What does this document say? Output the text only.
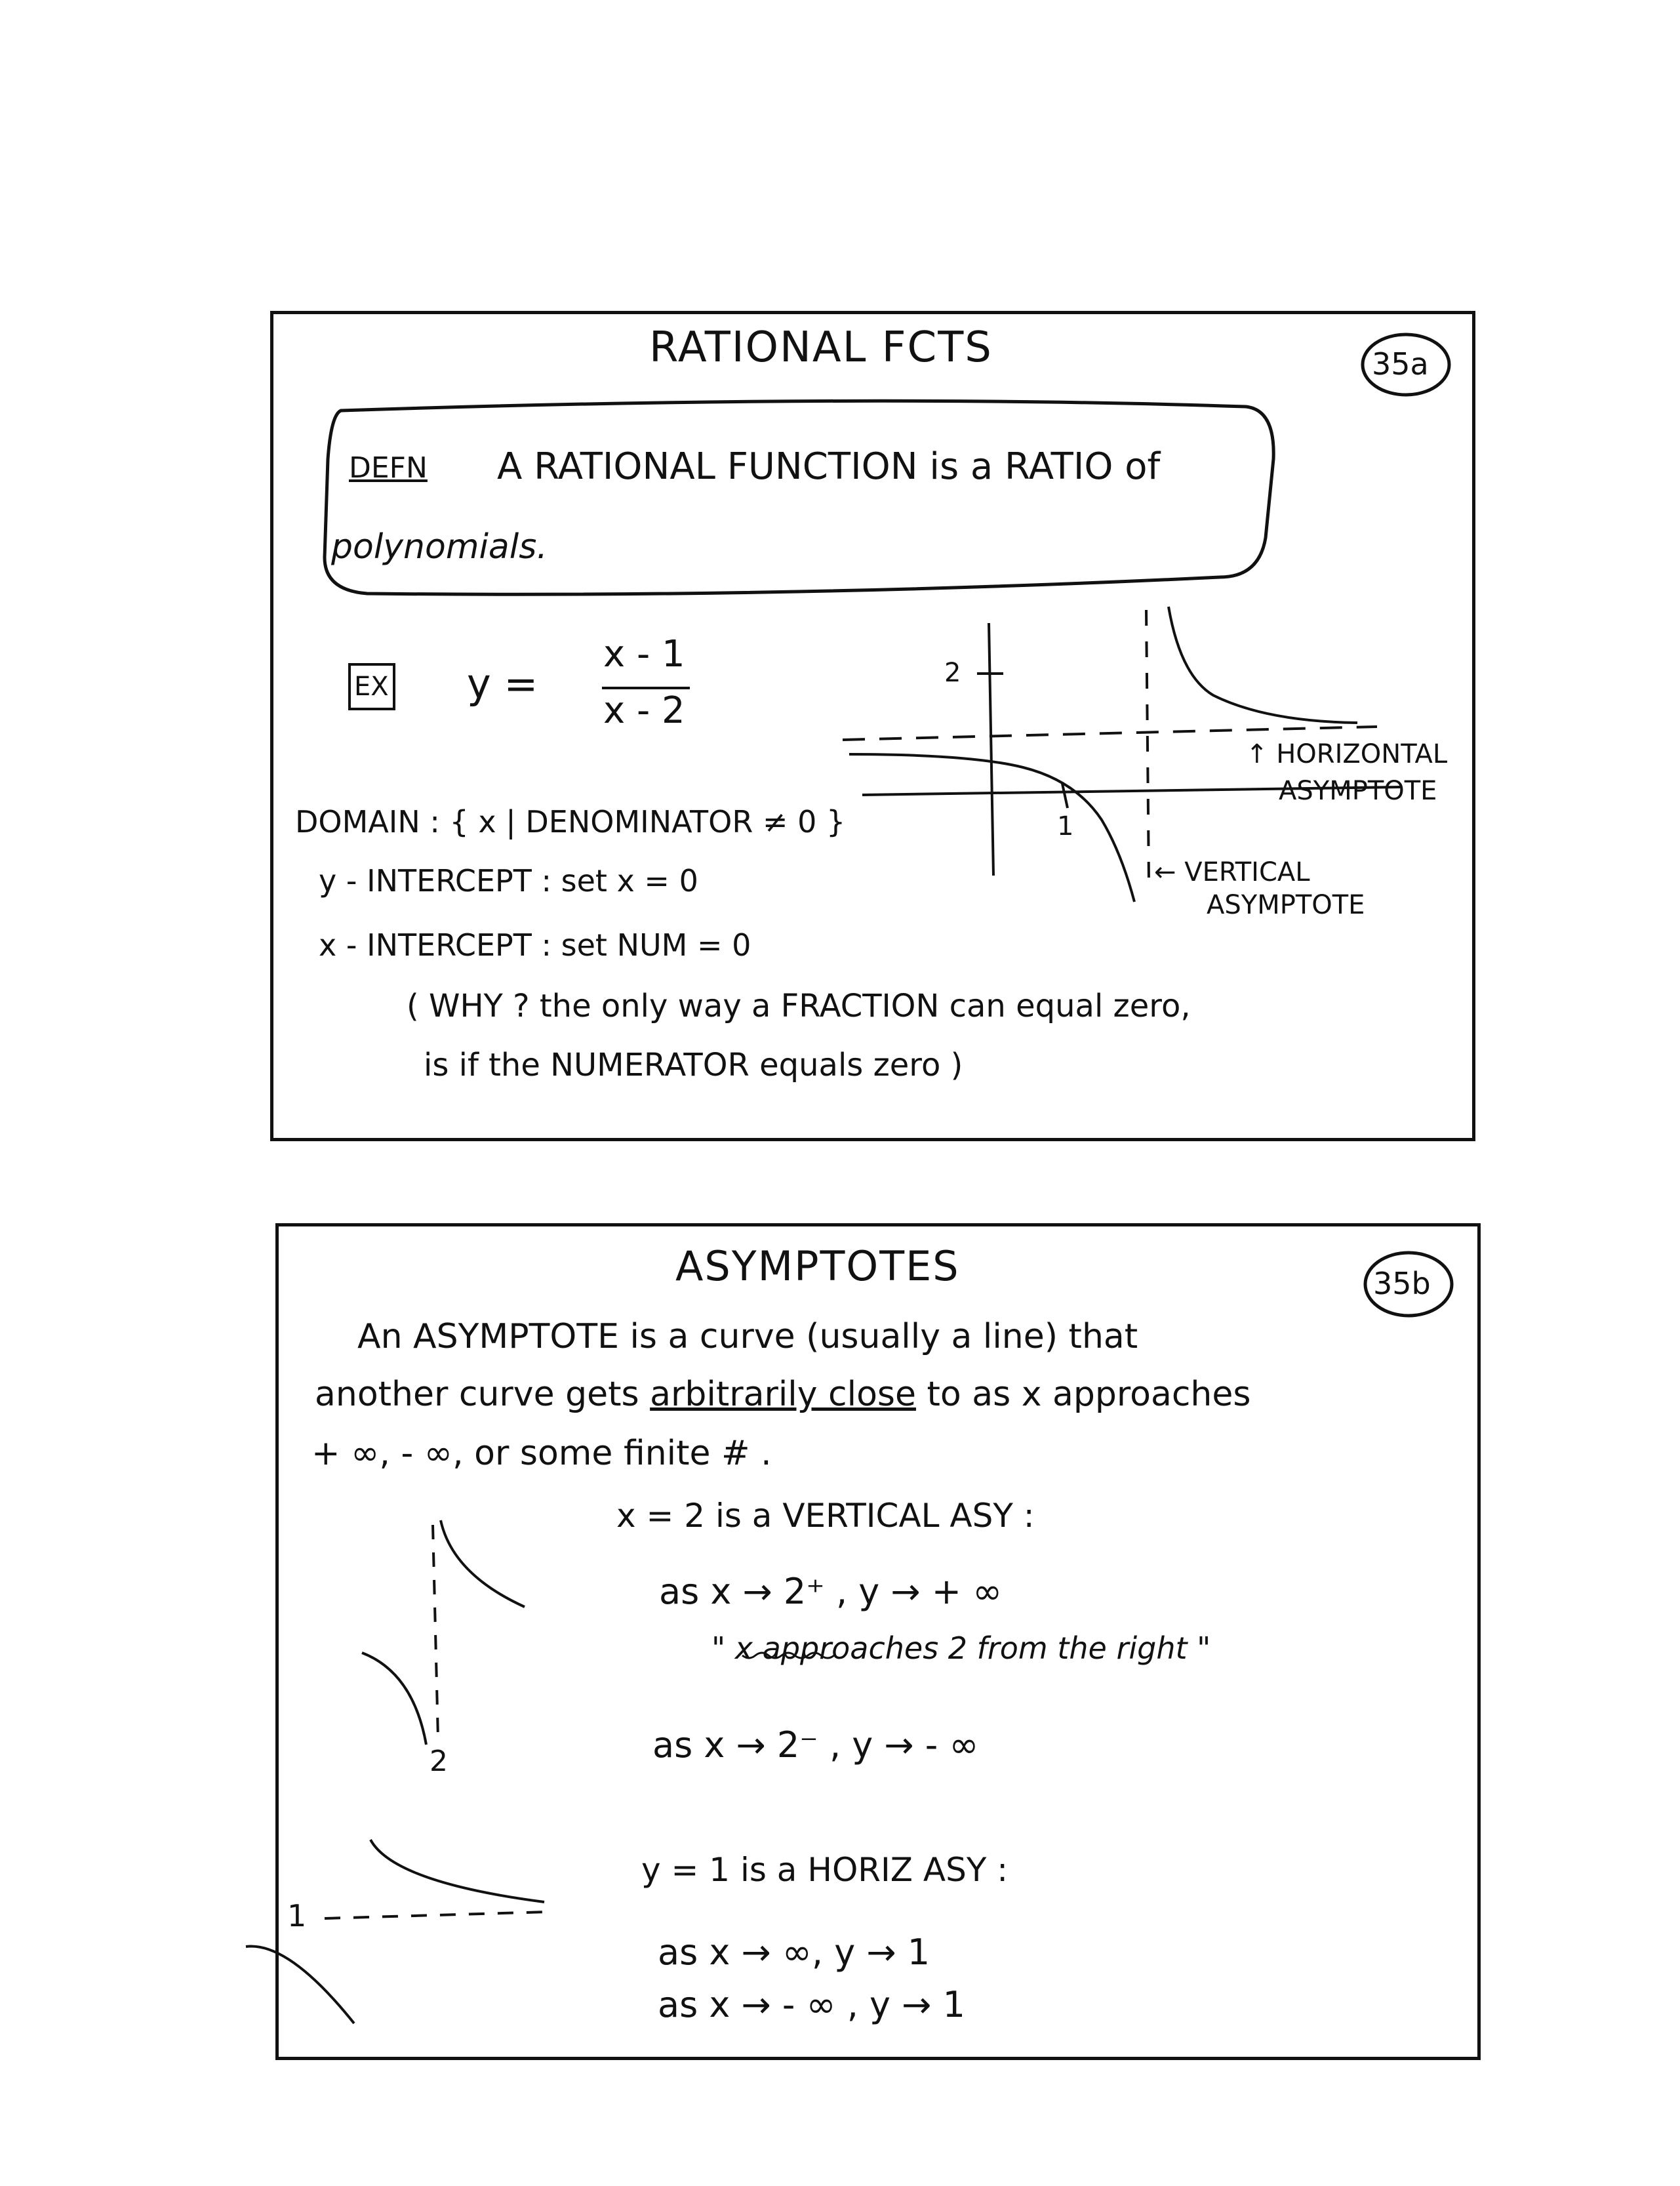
RATIONAL FCTS	35a
DEFN A RATIONAL FUNCTION is a RATIO of
polynomials.
EX y =
x - 1
x - 2
2
1
↑ HORIZONTAL
ASYMPTOTE
← VERTICAL
ASYMPTOTE
DOMAIN : { x | DENOMINATOR ≠ 0 }
y - INTERCEPT : set x = 0
x - INTERCEPT : set NUM = 0
( WHY ? the only way a FRACTION can equal zero,
is if the NUMERATOR equals zero )
ASYMPTOTES	35b
An ASYMPTOTE is a curve (usually a line) that
another curve gets arbitrarily close to as x approaches
+ ∞, - ∞, or some finite # .
x = 2 is a VERTICAL ASY :
as x → 2⁺ , y → + ∞
" x approaches 2 from the right "
as x → 2⁻ , y → - ∞
2
y = 1 is a HORIZ ASY :
as x → ∞, y → 1
as x → - ∞ , y → 1
1
